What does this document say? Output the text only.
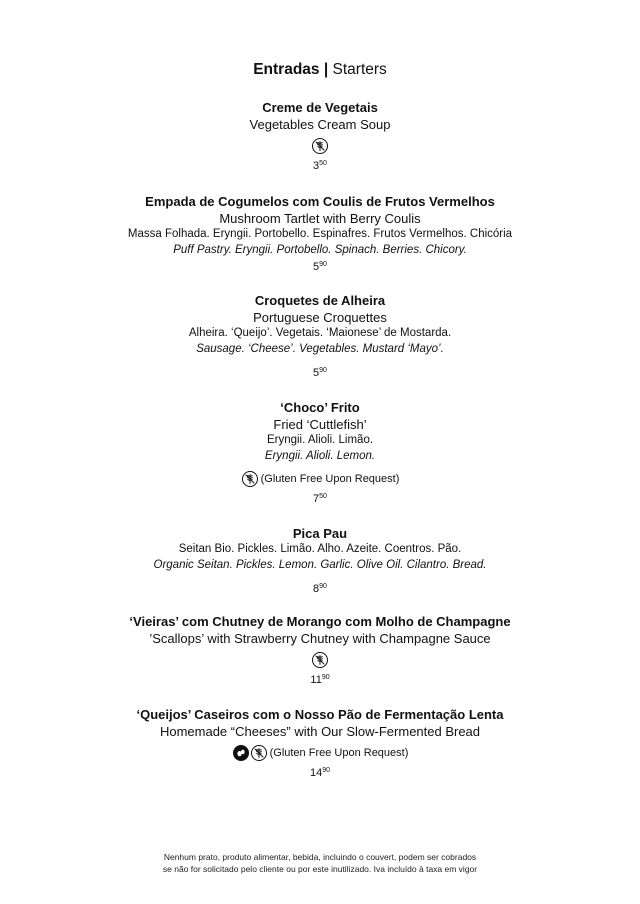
Entradas | Starters
Creme de Vegetais
Vegetables Cream Soup
$3^{50}$
Empada de Cogumelos com Coulis de Frutos Vermelhos
Mushroom Tartlet with Berry Coulis
Massa Folhada. Eryngii. Portobello. Espinafres. Frutos Vermelhos. Chicória
Puff Pastry. Eryngii. Portobello. Spinach. Berries. Chicory.
$5^{90}$
Croquetes de Alheira
Portuguese Croquettes
Alheira. ‘Queijo’. Vegetais. ‘Maionese’ de Mostarda.
Sausage. ‘Cheese’. Vegetables. Mustard ‘Mayo’.
$5^{90}$
‘Choco’ Frito
Fried ‘Cuttlefish’
Eryngii. Alioli. Limão.
Eryngii. Alioli. Lemon.
(Gluten Free Upon Request)
$7^{50}$
Pica Pau
Seitan Bio. Pickles. Limão. Alho. Azeite. Coentros. Pão.
Organic Seitan. Pickles. Lemon. Garlic. Olive Oil. Cilantro. Bread.
$8^{90}$
‘Vieiras’ com Chutney de Morango com Molho de Champagne
’Scallops’ with Strawberry Chutney with Champagne Sauce
$11^{90}$
‘Queijos’ Caseiros com o Nosso Pão de Fermentação Lenta
Homemade “Cheeses” with Our Slow-Fermented Bread
(Gluten Free Upon Request)
$14^{90}$
Nenhum prato, produto alimentar, bebida, incluindo o couvert, podem ser cobrados
se não for solicitado pelo cliente ou por este inutilizado. Iva incluído à taxa em vigor
